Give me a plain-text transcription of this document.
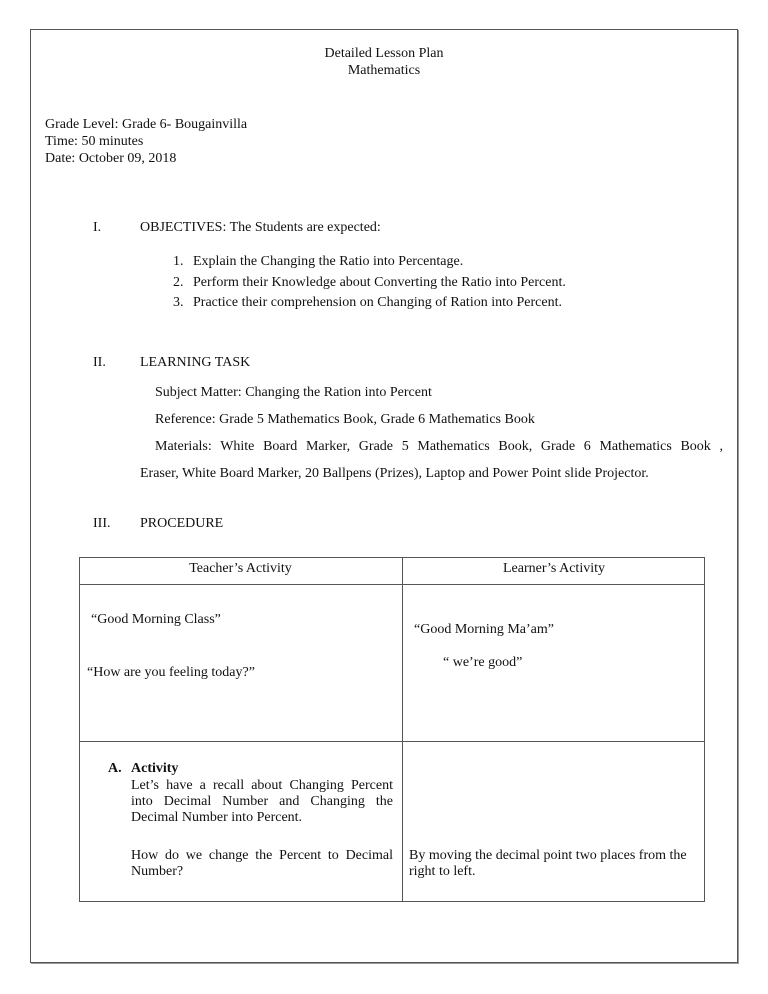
Detailed Lesson Plan
Mathematics
Grade Level: Grade 6- Bougainvilla
Time: 50 minutes
Date: October 09, 2018
I.	OBJECTIVES: The Students are expected:
1. Explain the Changing the Ratio into Percentage.
2. Perform their Knowledge about Converting the Ratio into Percent.
3. Practice their comprehension on Changing of Ration into Percent.
II. LEARNING TASK
Subject Matter: Changing the Ration into Percent
Reference: Grade 5 Mathematics Book, Grade 6 Mathematics Book
Materials: White Board Marker, Grade 5 Mathematics Book, Grade 6 Mathematics Book ,
Eraser, White Board Marker, 20 Ballpens (Prizes), Laptop and Power Point slide Projector.
III. PROCEDURE
Teacher’s Activity	Learner’s Activity
“Good Morning Class”
“How are you feeling today?”
“Good Morning Ma’am”
“ we’re good”
A. Activity
Let’s have a recall about Changing Percent into Decimal Number and Changing the Decimal Number into Percent.
How do we change the Percent to Decimal Number?
By moving the decimal point two places from the right to left.
